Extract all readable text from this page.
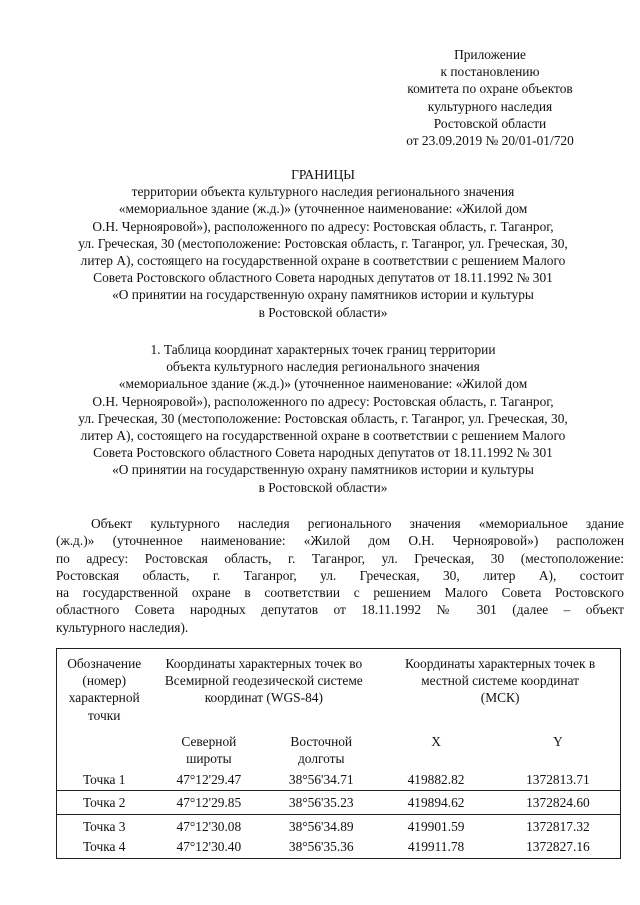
Приложение
к постановлению
комитета по охране объектов
культурного наследия
Ростовской области
от 23.09.2019 № 20/01-01/720
ГРАНИЦЫ
территории объекта культурного наследия регионального значения
«мемориальное здание (ж.д.)» (уточненное наименование: «Жилой дом
О.Н. Чернояровой»), расположенного по адресу: Ростовская область, г. Таганрог,
ул. Греческая, 30 (местоположение: Ростовская область, г. Таганрог, ул. Греческая, 30,
литер А), состоящего на государственной охране в соответствии с решением Малого
Совета Ростовского областного Совета народных депутатов от 18.11.1992 № 301
«О принятии на государственную охрану памятников истории и культуры
в Ростовской области»
1. Таблица координат характерных точек границ территории
объекта культурного наследия регионального значения
«мемориальное здание (ж.д.)» (уточненное наименование: «Жилой дом
О.Н. Чернояровой»), расположенного по адресу: Ростовская область, г. Таганрог,
ул. Греческая, 30 (местоположение: Ростовская область, г. Таганрог, ул. Греческая, 30,
литер А), состоящего на государственной охране в соответствии с решением Малого
Совета Ростовского областного Совета народных депутатов от 18.11.1992 № 301
«О принятии на государственную охрану памятников истории и культуры
в Ростовской области»
Объект культурного наследия регионального значения «мемориальное здание
(ж.д.)» (уточненное наименование: «Жилой дом О.Н. Чернояровой») расположен
по адресу: Ростовская область, г. Таганрог, ул. Греческая, 30 (местоположение:
Ростовская область, г. Таганрог, ул. Греческая, 30, литер А), состоит
на государственной охране в соответствии с решением Малого Совета Ростовского
областного Совета народных депутатов от 18.11.1992 № 301 (далее – объект
культурного наследия).
Обозначение (номер) характерной точки	Координаты характерных точек во Всемирной геодезической системе координат (WGS-84)		Координаты характерных точек в местной системе координат (МСК)	
	Северной широты	Восточной долготы	X	Y
Точка 1	47°12'29.47	38°56'34.71	419882.82	1372813.71
Точка 2	47°12'29.85	38°56'35.23	419894.62	1372824.60
Точка 3	47°12'30.08	38°56'34.89	419901.59	1372817.32
Точка 4	47°12'30.40	38°56'35.36	419911.78	1372827.16
